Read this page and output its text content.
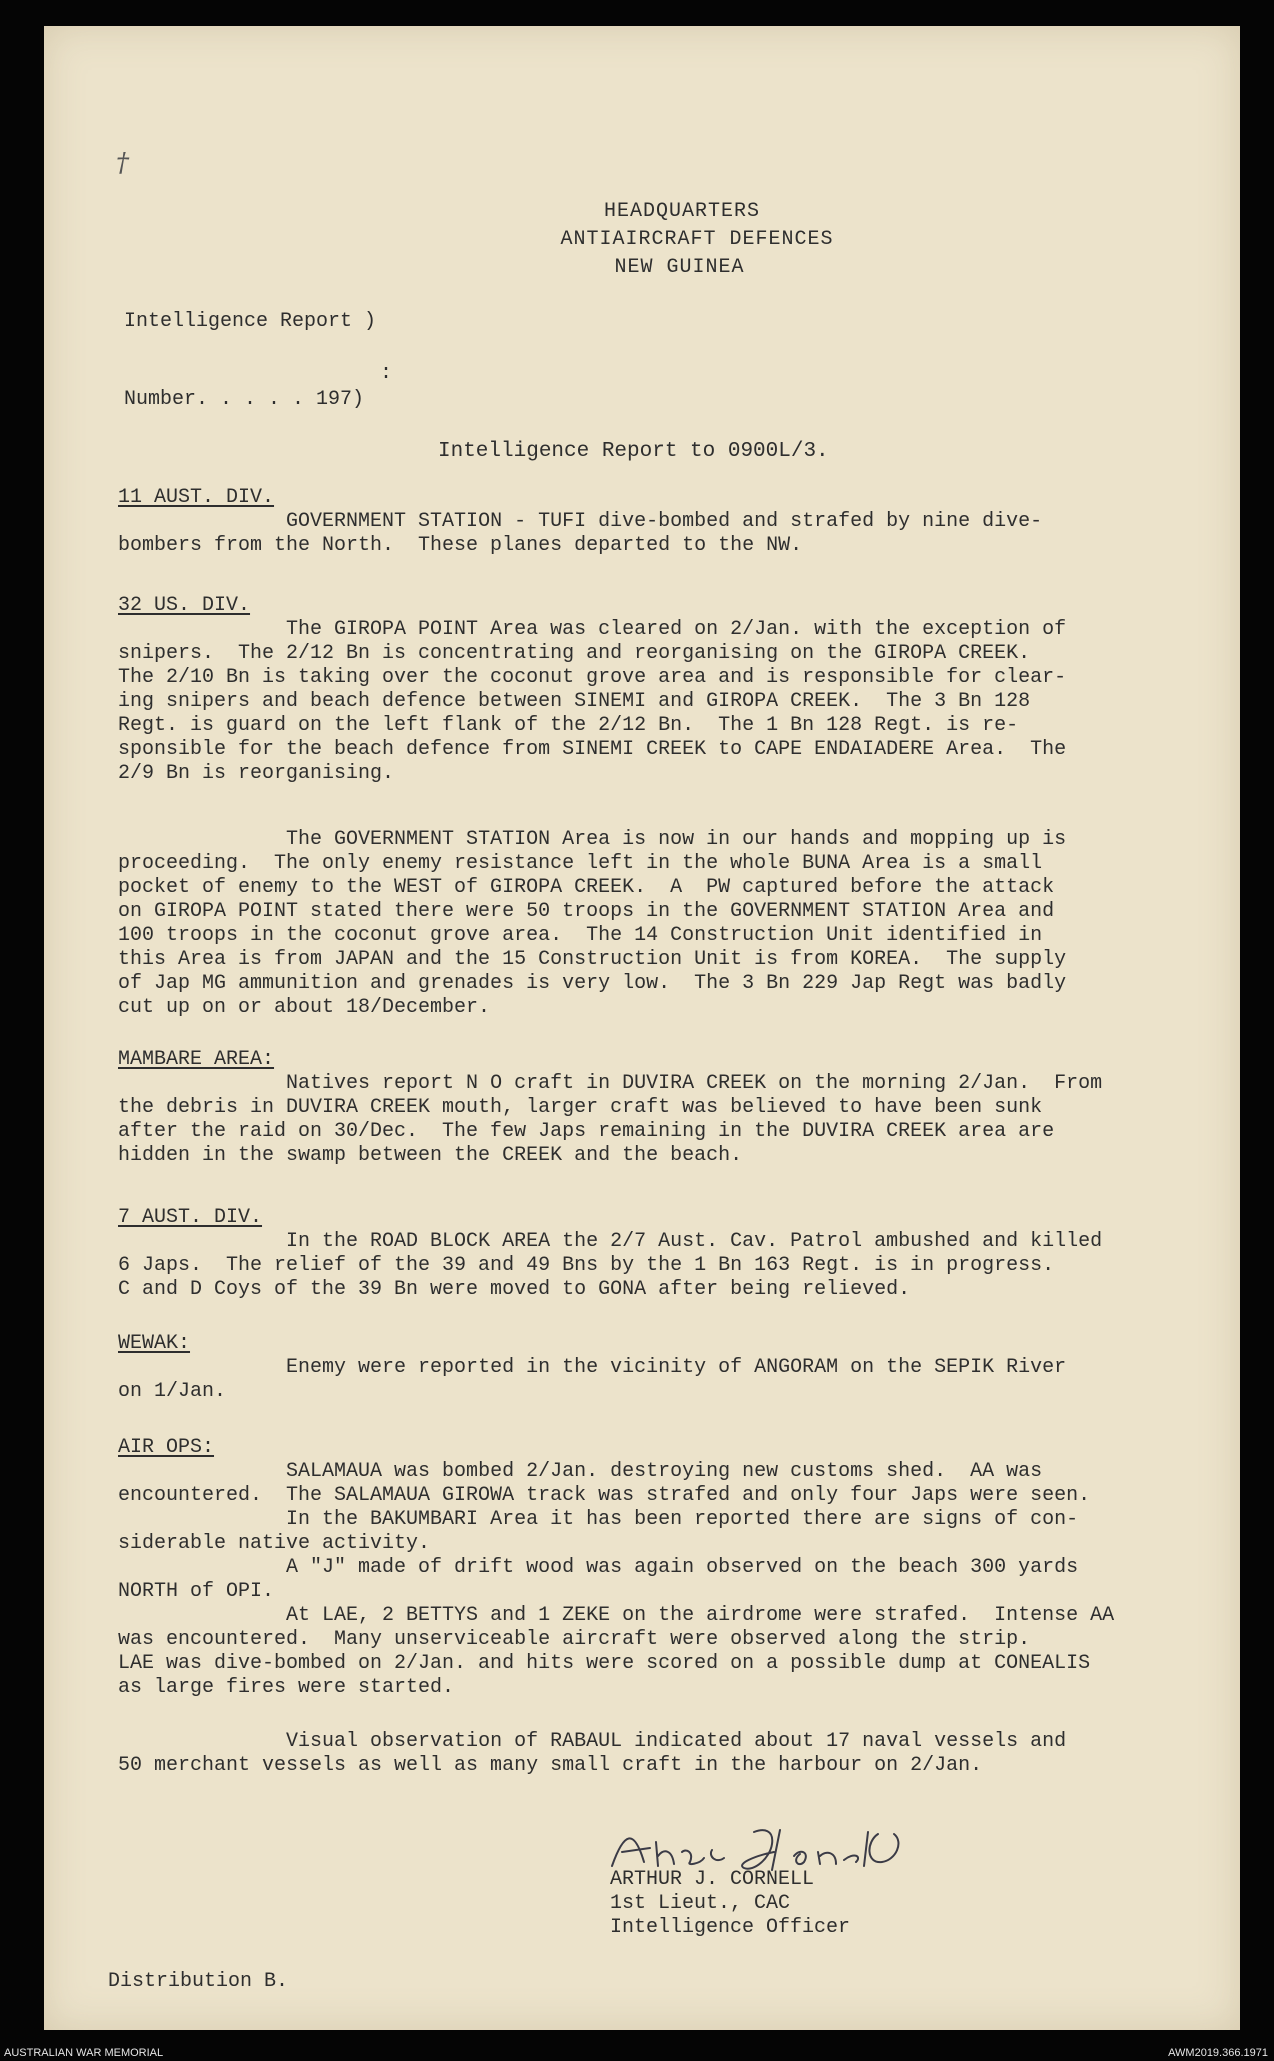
†
HEADQUARTERS
ANTIAIRCRAFT DEFENCES
NEW GUINEA
Intelligence Report )
:
Number. . . . . 197)
Intelligence Report to 0900L/3.
11 AUST. DIV.
GOVERNMENT STATION - TUFI dive-bombed and strafed by nine dive-
bombers from the North.  These planes departed to the NW.
32 US. DIV.
The GIROPA POINT Area was cleared on 2/Jan. with the exception of
snipers.  The 2/12 Bn is concentrating and reorganising on the GIROPA CREEK.
The 2/10 Bn is taking over the coconut grove area and is responsible for clear-
ing snipers and beach defence between SINEMI and GIROPA CREEK.  The 3 Bn 128
Regt. is guard on the left flank of the 2/12 Bn.  The 1 Bn 128 Regt. is re-
sponsible for the beach defence from SINEMI CREEK to CAPE ENDAIADERE Area.  The
2/9 Bn is reorganising.
The GOVERNMENT STATION Area is now in our hands and mopping up is
proceeding.  The only enemy resistance left in the whole BUNA Area is a small
pocket of enemy to the WEST of GIROPA CREEK.  A  PW captured before the attack
on GIROPA POINT stated there were 50 troops in the GOVERNMENT STATION Area and
100 troops in the coconut grove area.  The 14 Construction Unit identified in
this Area is from JAPAN and the 15 Construction Unit is from KOREA.  The supply
of Jap MG ammunition and grenades is very low.  The 3 Bn 229 Jap Regt was badly
cut up on or about 18/December.
MAMBARE AREA:
Natives report N O craft in DUVIRA CREEK on the morning 2/Jan.  From
the debris in DUVIRA CREEK mouth, larger craft was believed to have been sunk
after the raid on 30/Dec.  The few Japs remaining in the DUVIRA CREEK area are
hidden in the swamp between the CREEK and the beach.
7 AUST. DIV.
In the ROAD BLOCK AREA the 2/7 Aust. Cav. Patrol ambushed and killed
6 Japs.  The relief of the 39 and 49 Bns by the 1 Bn 163 Regt. is in progress.
C and D Coys of the 39 Bn were moved to GONA after being relieved.
WEWAK:
Enemy were reported in the vicinity of ANGORAM on the SEPIK River
on 1/Jan.
AIR OPS:
SALAMAUA was bombed 2/Jan. destroying new customs shed.  AA was
encountered.  The SALAMAUA GIROWA track was strafed and only four Japs were seen.
In the BAKUMBARI Area it has been reported there are signs of con-
siderable native activity.
A "J" made of drift wood was again observed on the beach 300 yards
NORTH of OPI.
At LAE, 2 BETTYS and 1 ZEKE on the airdrome were strafed.  Intense AA
was encountered.  Many unserviceable aircraft were observed along the strip.
LAE was dive-bombed on 2/Jan. and hits were scored on a possible dump at CONEALIS
as large fires were started.
Visual observation of RABAUL indicated about 17 naval vessels and
50 merchant vessels as well as many small craft in the harbour on 2/Jan.
ARTHUR J. CORNELL
1st Lieut., CAC
Intelligence Officer
Distribution B.
AUSTRALIAN WAR MEMORIAL	AWM2019.366.1971
